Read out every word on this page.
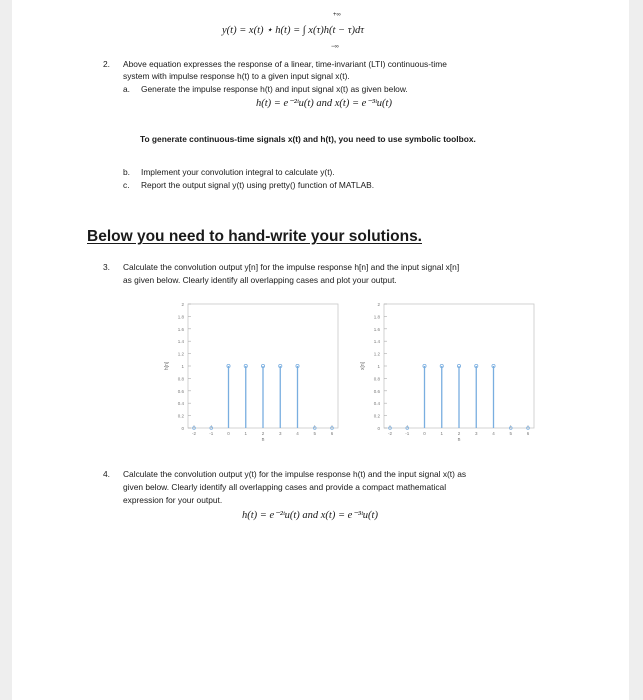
y(t) = x(t) ⋆ h(t) = ∫ x(τ)h(t − τ)dτ
+∞
−∞
2. Above equation expresses the response of a linear, time-invariant (LTI) continuous-time
system with impulse response h(t) to a given input signal x(t).
a. Generate the impulse response h(t) and input signal x(t) as given below.
h(t) = e⁻²ᵗu(t) and x(t) = e⁻³ᵗu(t)
To generate continuous-time signals x(t) and h(t), you need to use symbolic toolbox.
b. Implement your convolution integral to calculate y(t).
c. Report the output signal y(t) using pretty() function of MATLAB.
Below you need to hand-write your solutions.
3. Calculate the convolution output y[n] for the impulse response h[n] and the input signal x[n]
as given below. Clearly identify all overlapping cases and plot your output.
0
0.2
0.4
0.6
0.8
1
1.2
1.4
1.6
1.8
2
-2	-1	0	1	2	3	4	5	6
h[n]
n
0
0.2
0.4
0.6
0.8
1
1.2
1.4
1.6
1.8
2
-2	-1	0	1	2	3	4	5	6
x[n]
n
4. Calculate the convolution output y(t) for the impulse response h(t) and the input signal x(t) as
given below. Clearly identify all overlapping cases and provide a compact mathematical
expression for your output.
h(t) = e⁻²ᵗu(t) and x(t) = e⁻³ᵗu(t)
